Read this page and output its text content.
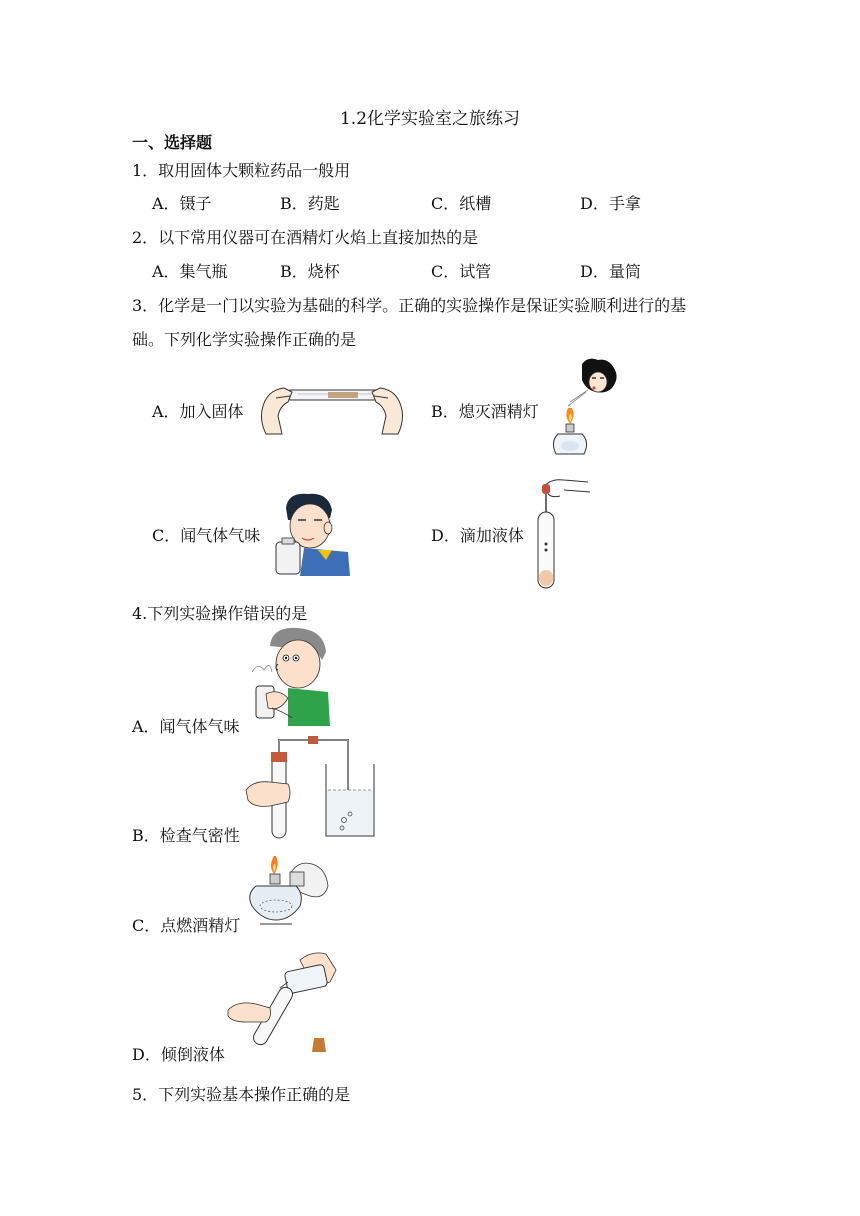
1.2化学实验室之旅练习
一、选择题
1．取用固体大颗粒药品一般用
A．镊子	B．药匙	C．纸槽	D．手拿
2．以下常用仪器可在酒精灯火焰上直接加热的是
A．集气瓶	B．烧杯	C．试管	D．量筒
3．化学是一门以实验为基础的科学。正确的实验操作是保证实验顺利进行的基
础。下列化学实验操作正确的是
A．加入固体	B．熄灭酒精灯
C．闻气体气味	D．滴加液体
4.下列实验操作错误的是
A．闻气体气味
B．检查气密性
C．点燃酒精灯
D．倾倒液体
5．下列实验基本操作正确的是
